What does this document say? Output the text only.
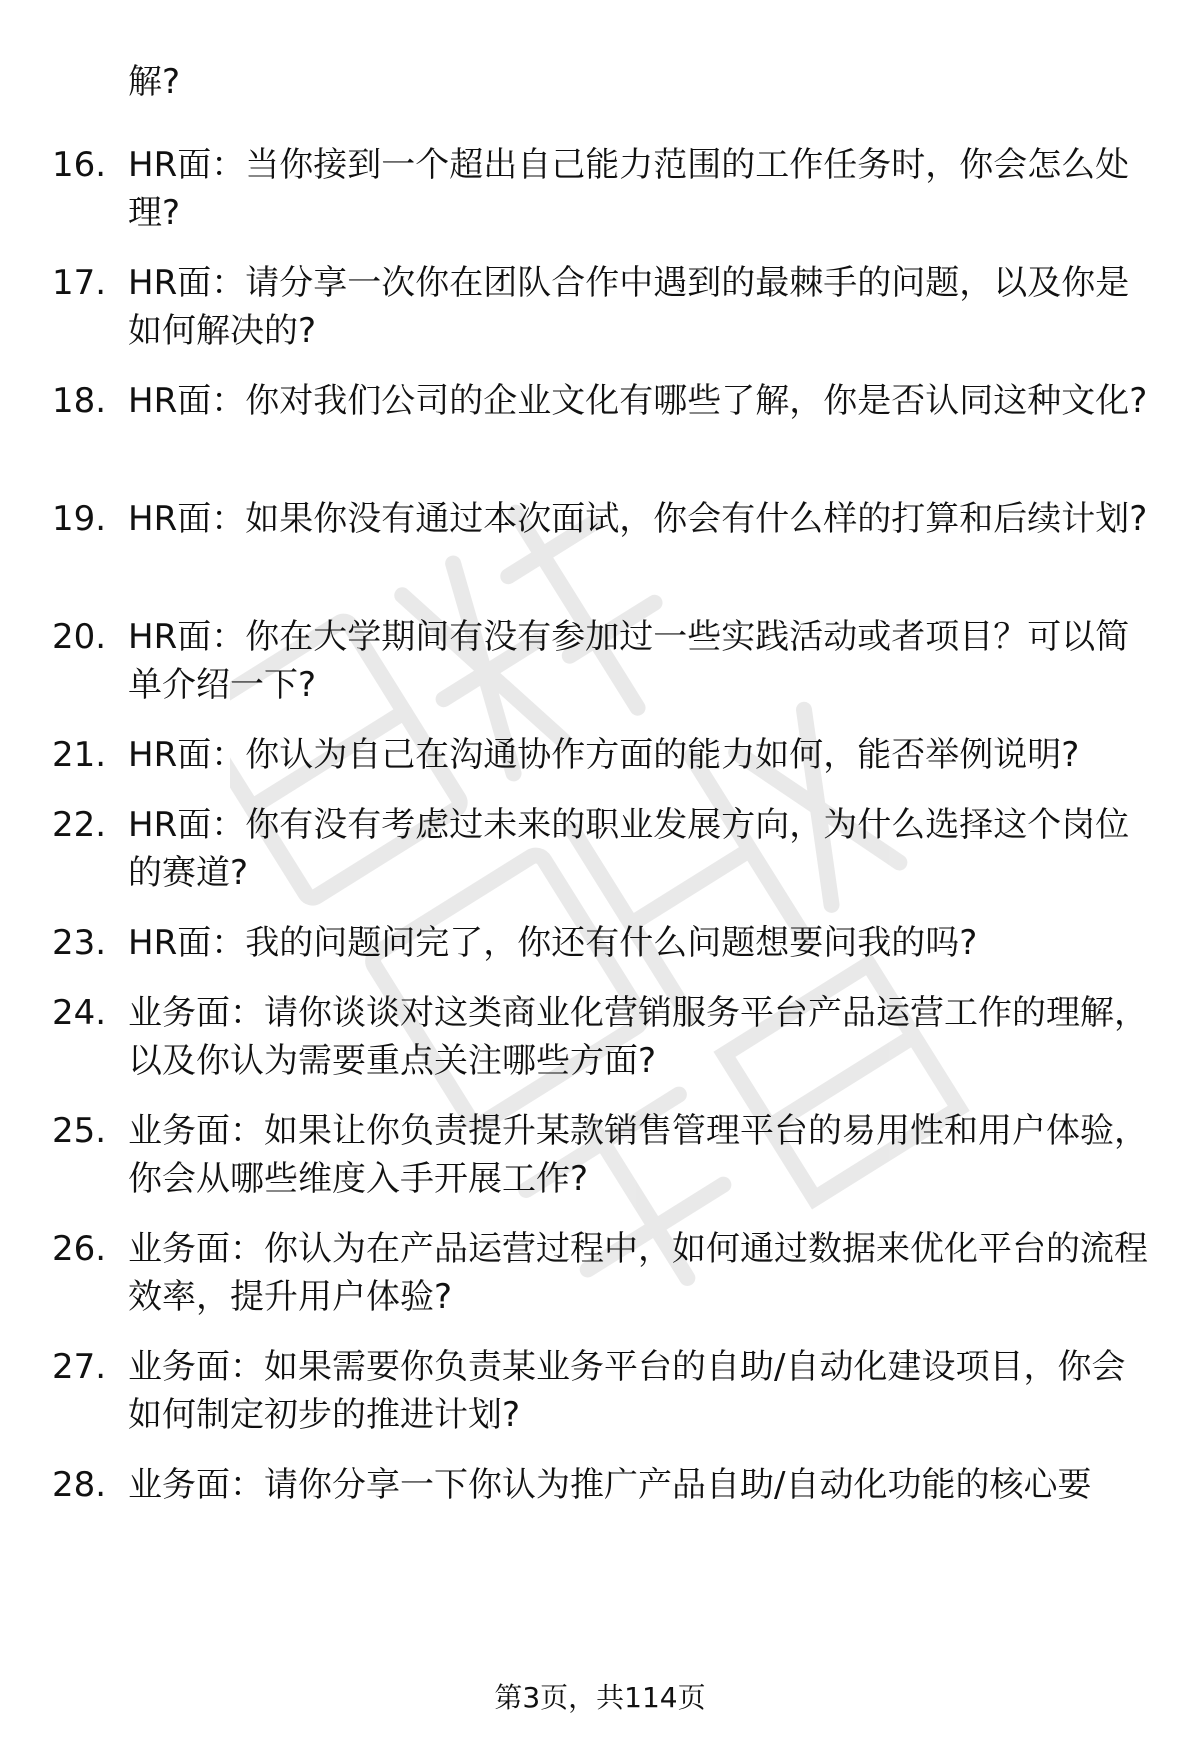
解?
16. HR面：当你接到一个超出自己能力范围的工作任务时，你会怎么处理?
17. HR面：请分享一次你在团队合作中遇到的最棘手的问题，以及你是如何解决的?
18. HR面：你对我们公司的企业文化有哪些了解，你是否认同这种文化?
19. HR面：如果你没有通过本次面试，你会有什么样的打算和后续计划?
20. HR面：你在大学期间有没有参加过一些实践活动或者项目？可以简单介绍一下?
21. HR面：你认为自己在沟通协作方面的能力如何，能否举例说明?
22. HR面：你有没有考虑过未来的职业发展方向，为什么选择这个岗位的赛道?
23. HR面：我的问题问完了，你还有什么问题想要问我的吗?
24. 业务面：请你谈谈对这类商业化营销服务平台产品运营工作的理解，以及你认为需要重点关注哪些方面?
25. 业务面：如果让你负责提升某款销售管理平台的易用性和用户体验，你会从哪些维度入手开展工作?
26. 业务面：你认为在产品运营过程中，如何通过数据来优化平台的流程效率，提升用户体验?
27. 业务面：如果需要你负责某业务平台的自助/自动化建设项目，你会如何制定初步的推进计划?
28. 业务面：请你分享一下你认为推广产品自助/自动化功能的核心要
第3页，共114页
